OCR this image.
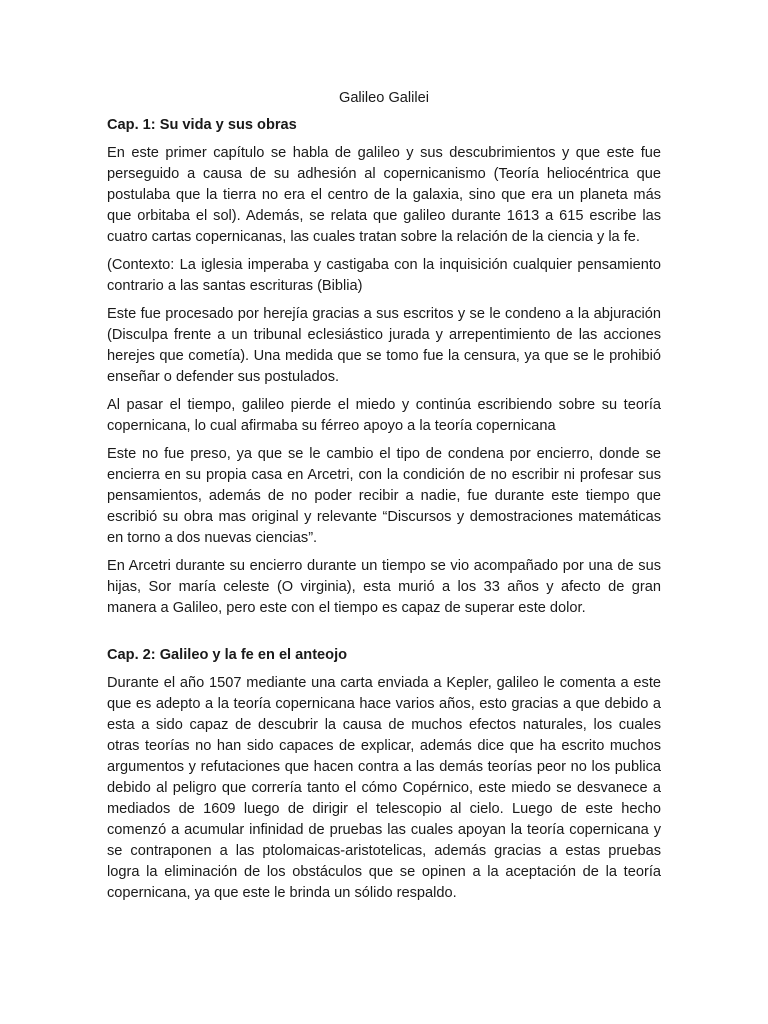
Galileo Galilei
Cap. 1: Su vida y sus obras

En este primer capítulo se habla de galileo y sus descubrimientos y que este fue perseguido a causa de su adhesión al copernicanismo (Teoría heliocéntrica que postulaba que la tierra no era el centro de la galaxia, sino que era un planeta más que orbitaba el sol). Además, se relata que galileo durante 1613 a 615 escribe las cuatro cartas copernicanas, las cuales tratan sobre la relación de la ciencia y la fe.

(Contexto: La iglesia imperaba y castigaba con la inquisición cualquier pensamiento contrario a las santas escrituras (Biblia)

Este fue procesado por herejía gracias a sus escritos y se le condeno a la abjuración (Disculpa frente a un tribunal eclesiástico jurada y arrepentimiento de las acciones herejes que cometía). Una medida que se tomo fue la censura, ya que se le prohibió enseñar o defender sus postulados.

Al pasar el tiempo, galileo pierde el miedo y continúa escribiendo sobre su teoría copernicana, lo cual afirmaba su férreo apoyo a la teoría copernicana

Este no fue preso, ya que se le cambio el tipo de condena por encierro, donde se encierra en su propia casa en Arcetri, con la condición de no escribir ni profesar sus pensamientos, además de no poder recibir a nadie, fue durante este tiempo que escribió su obra mas original y relevante “Discursos y demostraciones matemáticas en torno a dos nuevas ciencias”.

En Arcetri durante su encierro durante un tiempo se vio acompañado por una de sus hijas, Sor maría celeste (O virginia), esta murió a los 33 años y afecto de gran manera a Galileo, pero este con el tiempo es capaz de superar este dolor.

Cap. 2: Galileo y la fe en el anteojo

Durante el año 1507 mediante una carta enviada a Kepler, galileo le comenta a este que es adepto a la teoría copernicana hace varios años, esto gracias a que debido a esta a sido capaz de descubrir la causa de muchos efectos naturales, los cuales otras teorías no han sido capaces de explicar, además dice que ha escrito muchos argumentos y refutaciones que hacen contra a las demás teorías peor no los publica debido al peligro que correría tanto el cómo Copérnico, este miedo se desvanece a mediados de 1609 luego de dirigir el telescopio al cielo. Luego de este hecho comenzó a acumular infinidad de pruebas las cuales apoyan la teoría copernicana y se contraponen a las ptolomaicas-aristotelicas, además gracias a estas pruebas logra la eliminación de los obstáculos que se opinen a la aceptación de la teoría copernicana, ya que este le brinda un sólido respaldo.
